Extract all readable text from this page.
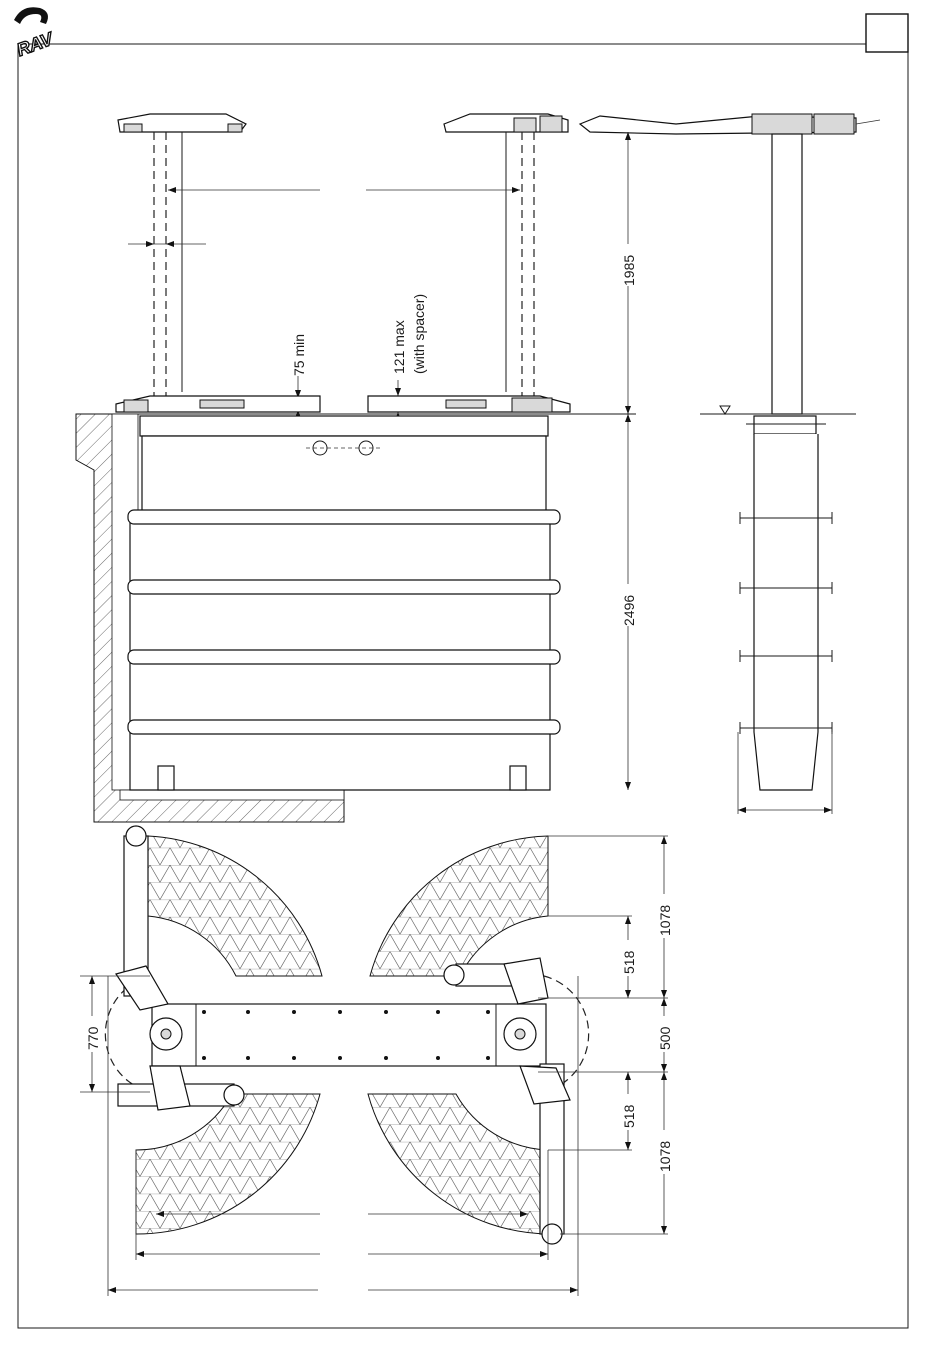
RAV
75 min	121 max (with spacer)
1985
2496
1078
518
500
518
1078
770
